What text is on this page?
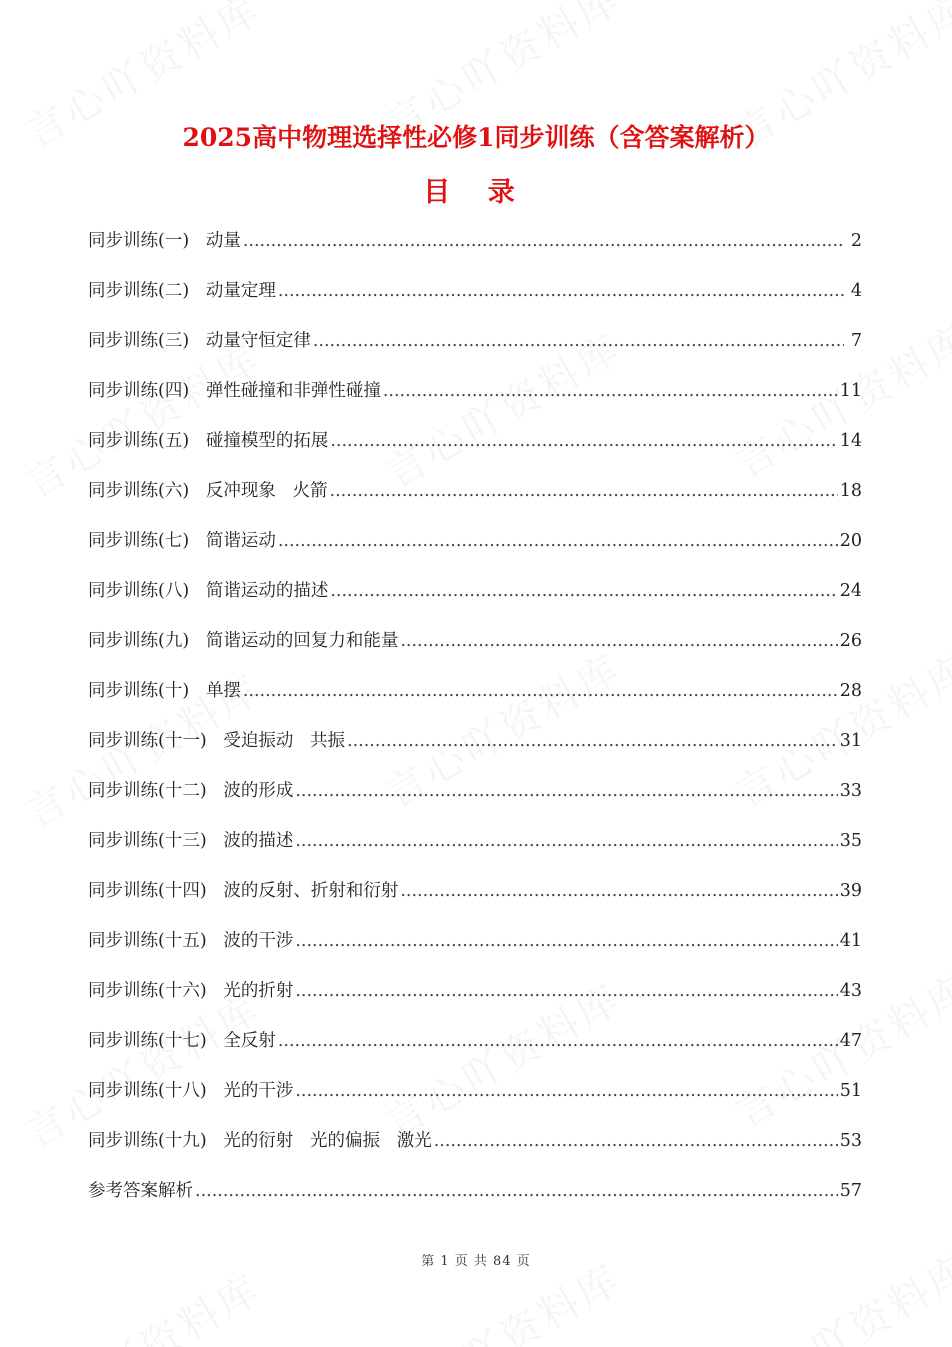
2025高中物理选择性必修1同步训练（含答案解析）
目 录
同步训练(一)   动量 .....	2
同步训练(二)   动量定理 .....	4
同步训练(三)   动量守恒定律 .....	7
同步训练(四)   弹性碰撞和非弹性碰撞 .....	11
同步训练(五)   碰撞模型的拓展 .....	14
同步训练(六)   反冲现象   火箭 .....	18
同步训练(七)   简谐运动 .....	20
同步训练(八)   简谐运动的描述 .....	24
同步训练(九)   简谐运动的回复力和能量 .....	26
同步训练(十)   单摆 .....	28
同步训练(十一)   受迫振动   共振 .....	31
同步训练(十二)   波的形成 .....	33
同步训练(十三)   波的描述 .....	35
同步训练(十四)   波的反射、折射和衍射 .....	39
同步训练(十五)   波的干涉 .....	41
同步训练(十六)   光的折射 .....	43
同步训练(十七)   全反射 .....	47
同步训练(十八)   光的干涉 .....	51
同步训练(十九)   光的衍射   光的偏振   激光 .....	53
参考答案解析 .....	57
第 1 页 共 84 页
